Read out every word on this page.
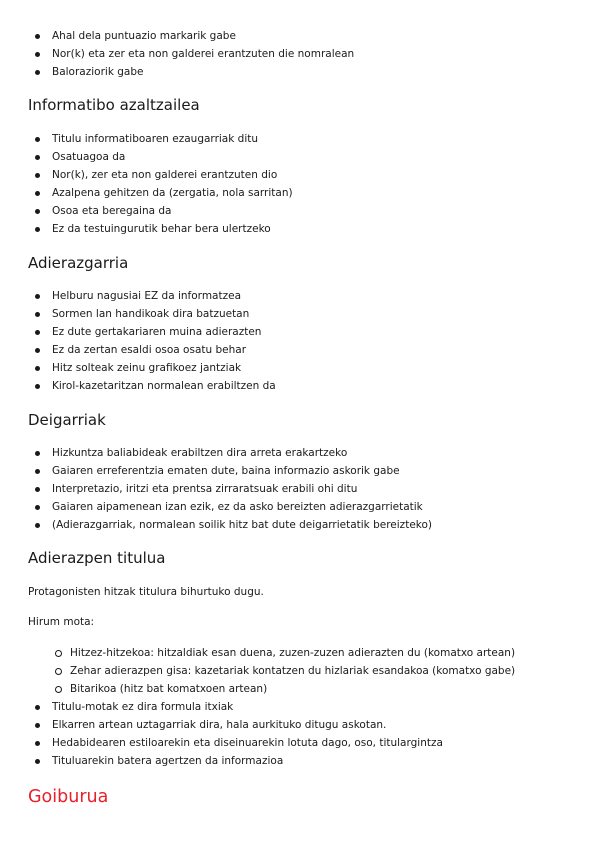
Ahal dela puntuazio markarik gabe
Nor(k) eta zer eta non galderei erantzuten die nomralean
Baloraziorik gabe
Informatibo azaltzailea
Titulu informatiboaren ezaugarriak ditu
Osatuagoa da
Nor(k), zer eta non galderei erantzuten dio
Azalpena gehitzen da (zergatia, nola sarritan)
Osoa eta beregaina da
Ez da testuingurutik behar bera ulertzeko
Adierazgarria
Helburu nagusiai EZ da informatzea
Sormen lan handikoak dira batzuetan
Ez dute gertakariaren muina adierazten
Ez da zertan esaldi osoa osatu behar
Hitz solteak zeinu grafikoez jantziak
Kirol-kazetaritzan normalean erabiltzen da
Deigarriak
Hizkuntza baliabideak erabiltzen dira arreta erakartzeko
Gaiaren erreferentzia ematen dute, baina informazio askorik gabe
Interpretazio, iritzi eta prentsa zirraratsuak erabili ohi ditu
Gaiaren aipamenean izan ezik, ez da asko bereizten adierazgarrietatik
(Adierazgarriak, normalean soilik hitz bat dute deigarrietatik bereizteko)
Adierazpen titulua

Protagonisten hitzak titulura bihurtuko dugu.

Hirum mota:

Hitzez-hitzekoa: hitzaldiak esan duena, zuzen-zuzen adierazten du (komatxo artean)
Zehar adierazpen gisa: kazetariak kontatzen du hizlariak esandakoa (komatxo gabe)
Bitarikoa (hitz bat komatxoen artean)
Titulu-motak ez dira formula itxiak
Elkarren artean uztagarriak dira, hala aurkituko ditugu askotan.
Hedabidearen estiloarekin eta diseinuarekin lotuta dago, oso, titulargintza
Tituluarekin batera agertzen da informazioa
Goiburua
